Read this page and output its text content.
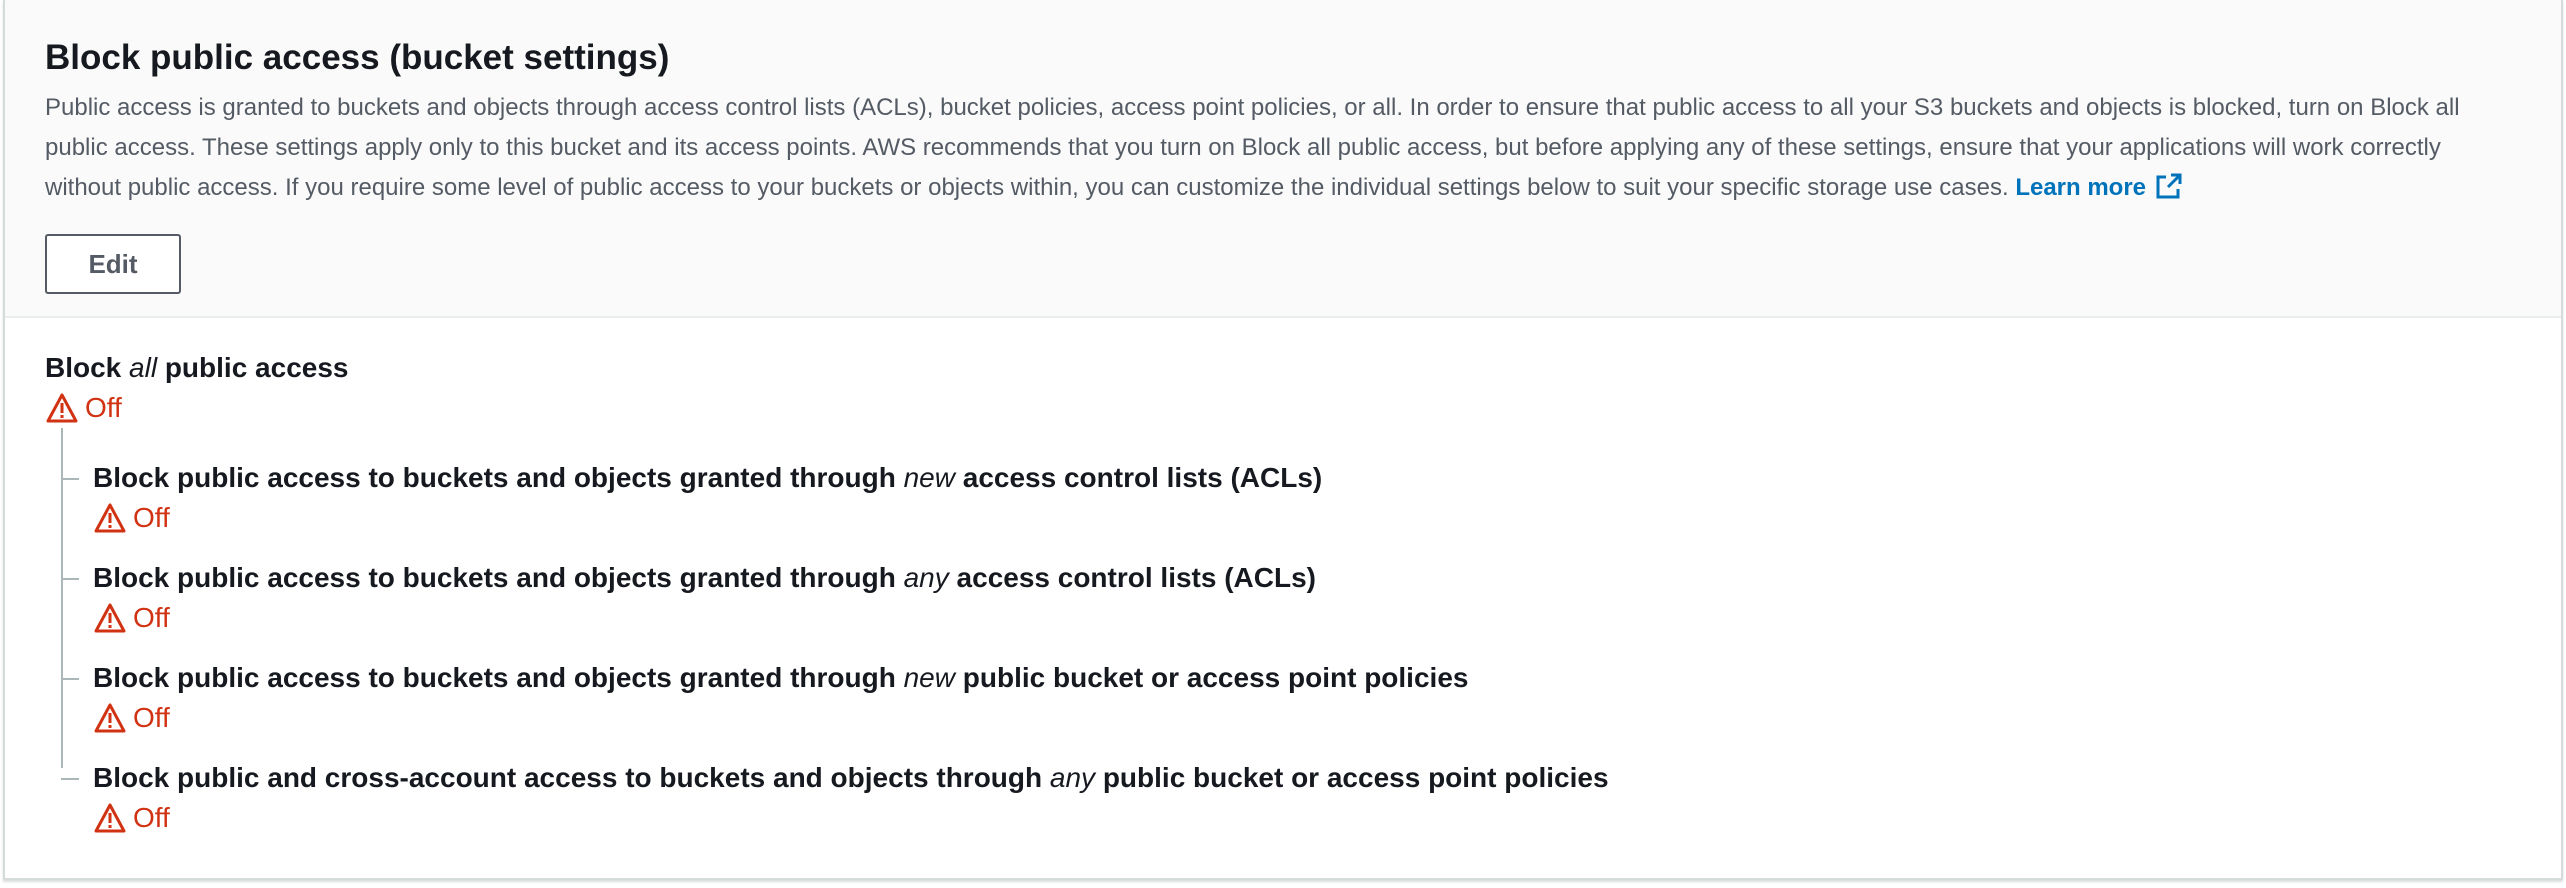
Block public access (bucket settings)
Public access is granted to buckets and objects through access control lists (ACLs), bucket policies, access point policies, or all. In order to ensure that public access to all your S3 buckets and objects is blocked, turn on Block all public access. These settings apply only to this bucket and its access points. AWS recommends that you turn on Block all public access, but before applying any of these settings, ensure that your applications will work correctly without public access. If you require some level of public access to your buckets or objects within, you can customize the individual settings below to suit your specific storage use cases. Learn more
Edit
Block all public access
Off
Block public access to buckets and objects granted through new access control lists (ACLs)
Off
Block public access to buckets and objects granted through any access control lists (ACLs)
Off
Block public access to buckets and objects granted through new public bucket or access point policies
Off
Block public and cross-account access to buckets and objects through any public bucket or access point policies
Off
